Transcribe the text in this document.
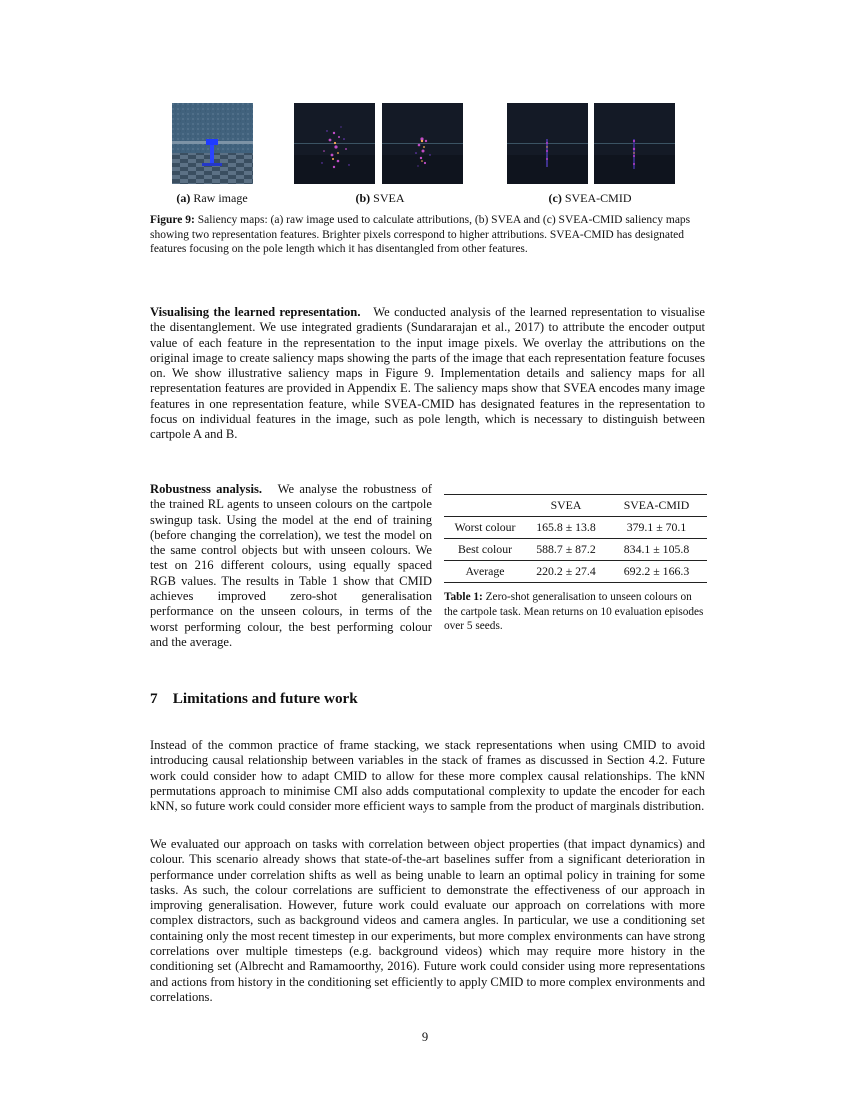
(a) Raw image	(b) SVEA	(c) SVEA-CMID
Figure 9: Saliency maps: (a) raw image used to calculate attributions, (b) SVEA and (c) SVEA-CMID saliency maps showing two representation features. Brighter pixels correspond to higher attributions. SVEA-CMID has designated features focusing on the pole length which it has disentangled from other features.
Visualising the learned representation. We conducted analysis of the learned representation to visualise the disentanglement. We use integrated gradients (Sundararajan et al., 2017) to attribute the encoder output value of each feature in the representation to the input image pixels. We overlay the attributions on the original image to create saliency maps showing the parts of the image that each representation feature focuses on. We show illustrative saliency maps in Figure 9. Implementation details and saliency maps for all representation features are provided in Appendix E. The saliency maps show that SVEA encodes many image features in one representation feature, while SVEA-CMID has designated features in the representation to focus on individual features in the image, such as pole length, which is necessary to distinguish between cartpole A and B.
Robustness analysis. We analyse the robustness of the trained RL agents to unseen colours on the cartpole swingup task. Using the model at the end of training (before changing the correlation), we test the model on the same control objects but with unseen colours. We test on 216 different colours, using equally spaced RGB values. The results in Table 1 show that CMID achieves improved zero-shot generalisation performance on the unseen colours, in terms of the worst performing colour, the best performing colour and the average.
	SVEA	SVEA-CMID
Worst colour	165.8 ± 13.8	379.1 ± 70.1
Best colour	588.7 ± 87.2	834.1 ± 105.8
Average	220.2 ± 27.4	692.2 ± 166.3
Table 1: Zero-shot generalisation to unseen colours on the cartpole task. Mean returns on 10 evaluation episodes over 5 seeds.
7 Limitations and future work
Instead of the common practice of frame stacking, we stack representations when using CMID to avoid introducing causal relationship between variables in the stack of frames as discussed in Section 4.2. Future work could consider how to adapt CMID to allow for these more complex causal relationships. The kNN permutations approach to minimise CMI also adds computational complexity to update the encoder for each kNN, so future work could consider more efficient ways to sample from the product of marginals distribution.
We evaluated our approach on tasks with correlation between object properties (that impact dynamics) and colour. This scenario already shows that state-of-the-art baselines suffer from a significant deterioration in performance under correlation shifts as well as being unable to learn an optimal policy in training for some tasks. As such, the colour correlations are sufficient to demonstrate the effectiveness of our approach in improving generalisation. However, future work could evaluate our approach on correlations with more complex distractors, such as background videos and camera angles. In particular, we use a conditioning set containing only the most recent timestep in our experiments, but more complex environments can have strong correlations over multiple timesteps (e.g. background videos) which may require more history in the conditioning set (Albrecht and Ramamoorthy, 2016). Future work could consider using more representations and actions from history in the conditioning set efficiently to apply CMID to more complex environments and correlations.
9
